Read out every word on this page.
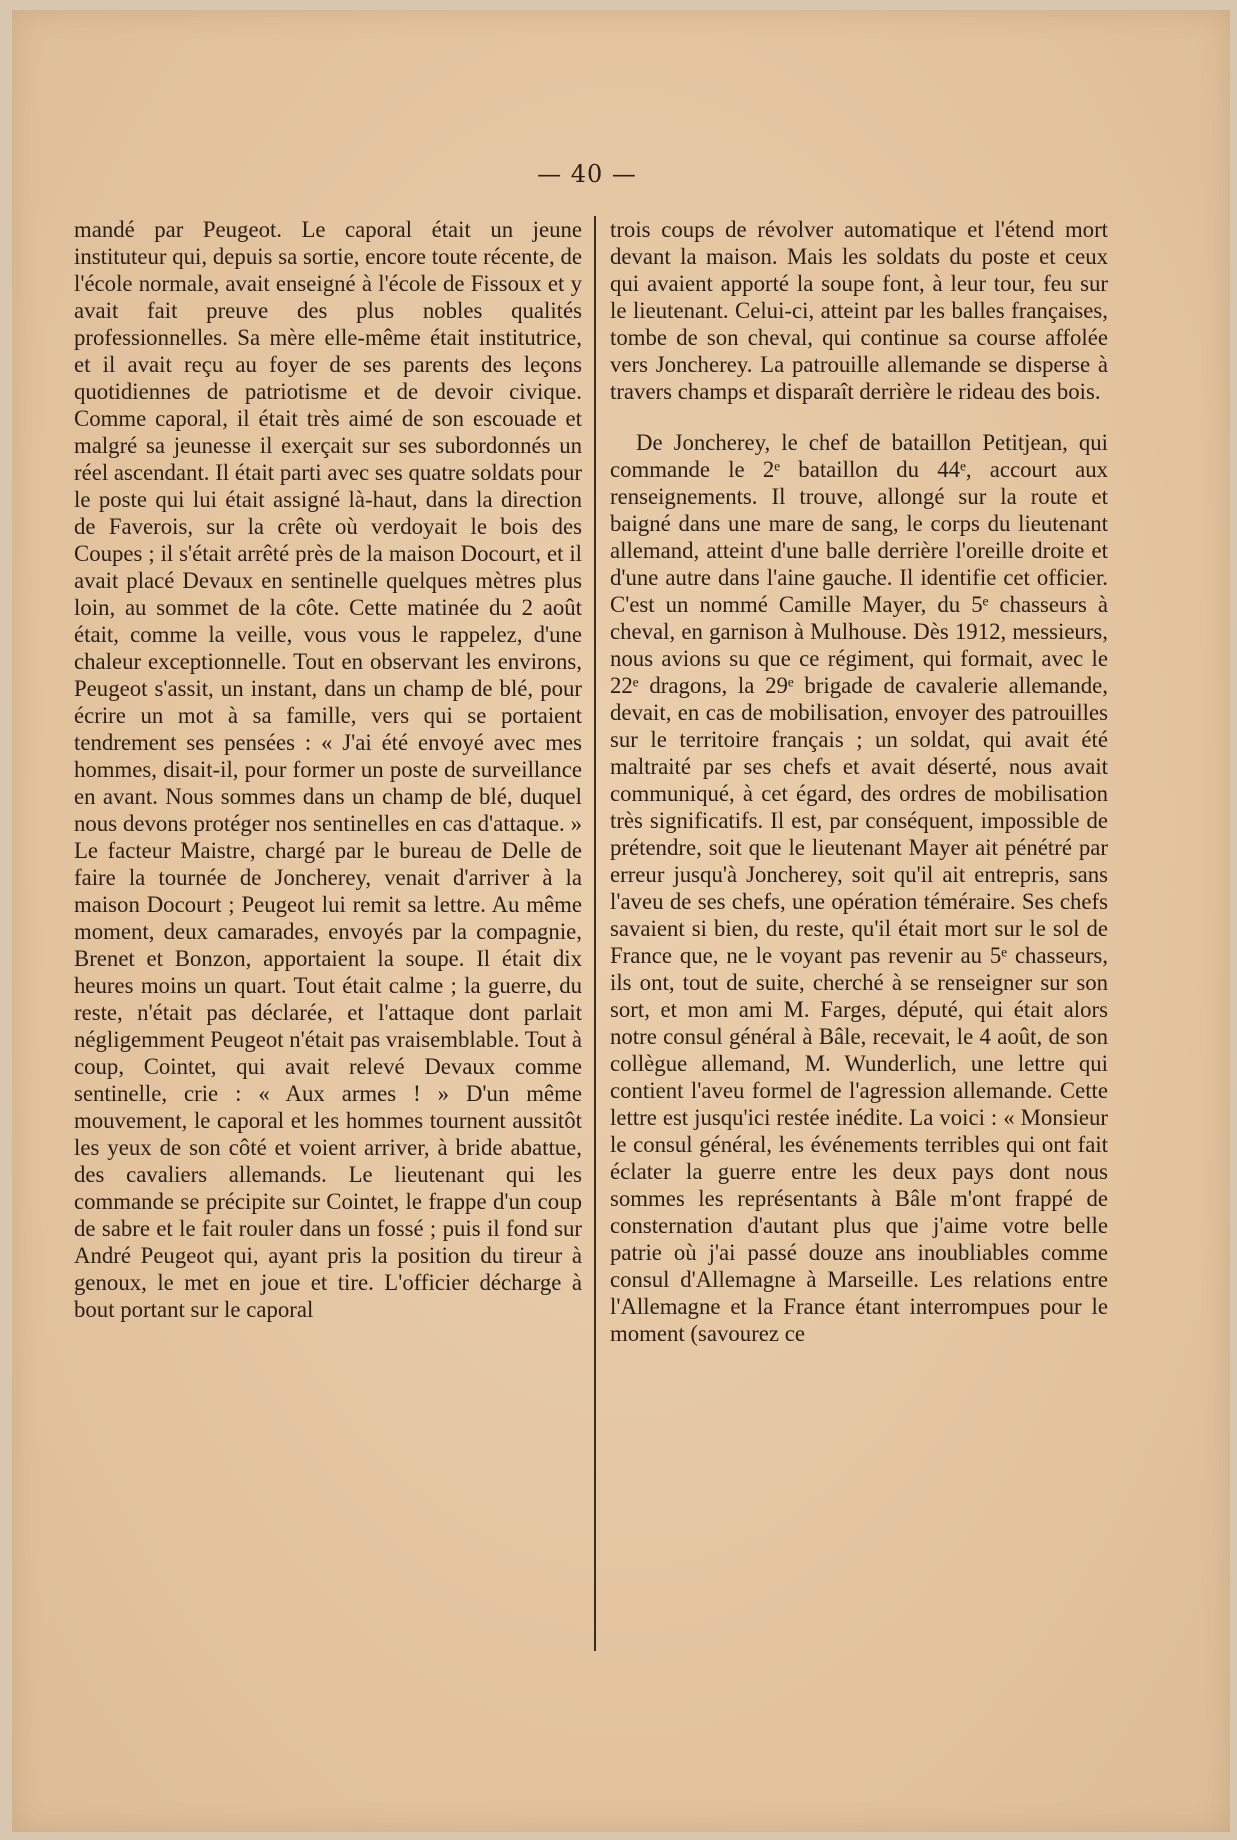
— 40 —

mandé par Peugeot. Le caporal était un jeune instituteur qui, depuis sa sortie, encore toute récente, de l'école normale, avait enseigné à l'école de Fissoux et y avait fait preuve des plus nobles qualités professionnelles. Sa mère elle-même était institutrice, et il avait reçu au foyer de ses parents des leçons quotidiennes de patriotisme et de devoir civique. Comme caporal, il était très aimé de son escouade et malgré sa jeunesse il exerçait sur ses subordonnés un réel ascendant. Il était parti avec ses quatre soldats pour le poste qui lui était assigné là-haut, dans la direction de Faverois, sur la crête où verdoyait le bois des Coupes ; il s'était arrêté près de la maison Docourt, et il avait placé Devaux en sentinelle quelques mètres plus loin, au sommet de la côte. Cette matinée du 2 août était, comme la veille, vous vous le rappelez, d'une chaleur exceptionnelle. Tout en observant les environs, Peugeot s'assit, un instant, dans un champ de blé, pour écrire un mot à sa famille, vers qui se portaient tendrement ses pensées : « J'ai été envoyé avec mes hommes, disait-il, pour former un poste de surveillance en avant. Nous sommes dans un champ de blé, duquel nous devons protéger nos sentinelles en cas d'attaque. » Le facteur Maistre, chargé par le bureau de Delle de faire la tournée de Joncherey, venait d'arriver à la maison Docourt ; Peugeot lui remit sa lettre. Au même moment, deux camarades, envoyés par la compagnie, Brenet et Bonzon, apportaient la soupe. Il était dix heures moins un quart. Tout était calme ; la guerre, du reste, n'était pas déclarée, et l'attaque dont parlait négligemment Peugeot n'était pas vraisemblable. Tout à coup, Cointet, qui avait relevé Devaux comme sentinelle, crie : « Aux armes ! » D'un même mouvement, le caporal et les hommes tournent aussitôt les yeux de son côté et voient arriver, à bride abattue, des cavaliers allemands. Le lieutenant qui les commande se précipite sur Cointet, le frappe d'un coup de sabre et le fait rouler dans un fossé ; puis il fond sur André Peugeot qui, ayant pris la position du tireur à genoux, le met en joue et tire. L'officier décharge à bout portant sur le caporal

trois coups de révolver automatique et l'étend mort devant la maison. Mais les soldats du poste et ceux qui avaient apporté la soupe font, à leur tour, feu sur le lieutenant. Celui-ci, atteint par les balles françaises, tombe de son cheval, qui continue sa course affolée vers Joncherey. La patrouille allemande se disperse à travers champs et disparaît derrière le rideau des bois.

De Joncherey, le chef de bataillon Petitjean, qui commande le 2ᵉ bataillon du 44ᵉ, accourt aux renseignements. Il trouve, allongé sur la route et baigné dans une mare de sang, le corps du lieutenant allemand, atteint d'une balle derrière l'oreille droite et d'une autre dans l'aine gauche. Il identifie cet officier. C'est un nommé Camille Mayer, du 5ᵉ chasseurs à cheval, en garnison à Mulhouse. Dès 1912, messieurs, nous avions su que ce régiment, qui formait, avec le 22ᵉ dragons, la 29ᵉ brigade de cavalerie allemande, devait, en cas de mobilisation, envoyer des patrouilles sur le territoire français ; un soldat, qui avait été maltraité par ses chefs et avait déserté, nous avait communiqué, à cet égard, des ordres de mobilisation très significatifs. Il est, par conséquent, impossible de prétendre, soit que le lieutenant Mayer ait pénétré par erreur jusqu'à Joncherey, soit qu'il ait entrepris, sans l'aveu de ses chefs, une opération téméraire. Ses chefs savaient si bien, du reste, qu'il était mort sur le sol de France que, ne le voyant pas revenir au 5ᵉ chasseurs, ils ont, tout de suite, cherché à se renseigner sur son sort, et mon ami M. Farges, député, qui était alors notre consul général à Bâle, recevait, le 4 août, de son collègue allemand, M. Wunderlich, une lettre qui contient l'aveu formel de l'agression allemande. Cette lettre est jusqu'ici restée inédite. La voici : « Monsieur le consul général, les événements terribles qui ont fait éclater la guerre entre les deux pays dont nous sommes les représentants à Bâle m'ont frappé de consternation d'autant plus que j'aime votre belle patrie où j'ai passé douze ans inoubliables comme consul d'Allemagne à Marseille. Les relations entre l'Allemagne et la France étant interrompues pour le moment (savourez ce
